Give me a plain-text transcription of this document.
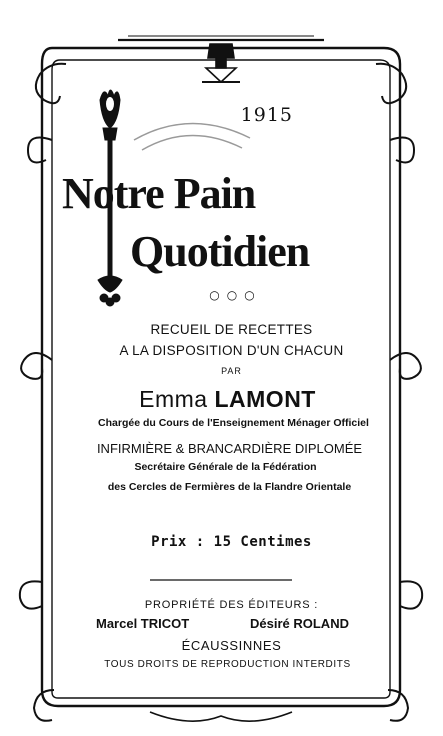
1915
Notre Pain
Quotidien
○○○
RECUEIL DE RECETTES
A LA DISPOSITION D'UN CHACUN
PAR
Emma LAMONT
Chargée du Cours de l'Enseignement Ménager Officiel
INFIRMIÈRE & BRANCARDIÈRE DIPLOMÉE
Secrétaire Générale de la Fédération
des Cercles de Fermières de la Flandre Orientale
Prix : 15 Centimes
PROPRIÉTÉ DES ÉDITEURS :
Marcel TRICOT	Désiré ROLAND
ÉCAUSSINNES
TOUS DROITS DE REPRODUCTION INTERDITS
